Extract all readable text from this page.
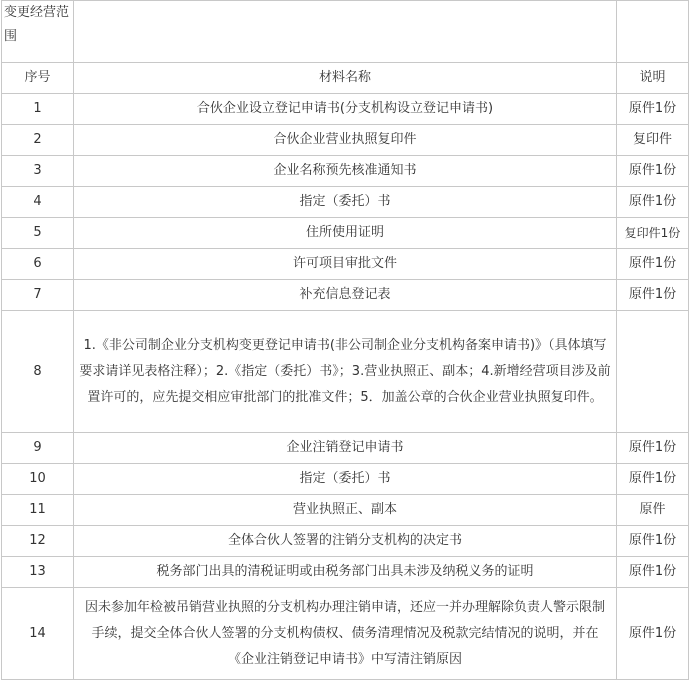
变更经营范围		
序号	材料名称	说明
1	合伙企业设立登记申请书(分支机构设立登记申请书)	原件1份
2	合伙企业营业执照复印件	复印件
3	企业名称预先核准通知书	原件1份
4	指定（委托）书	原件1份
5	住所使用证明	复印件1份
6	许可项目审批文件	原件1份
7	补充信息登记表	原件1份
8	1.《非公司制企业分支机构变更登记申请书(非公司制企业分支机构备案申请书)》（具体填写要求请详见表格注释）；2.《指定（委托）书》；3.营业执照正、副本；4.新增经营项目涉及前置许可的，应先提交相应审批部门的批准文件；5．加盖公章的合伙企业营业执照复印件。	
9	企业注销登记申请书	原件1份
10	指定（委托）书	原件1份
11	营业执照正、副本	原件
12	全体合伙人签署的注销分支机构的决定书	原件1份
13	税务部门出具的清税证明或由税务部门出具未涉及纳税义务的证明	原件1份
14	因未参加年检被吊销营业执照的分支机构办理注销申请，还应一并办理解除负责人警示限制手续，提交全体合伙人签署的分支机构债权、债务清理情况及税款完结情况的说明，并在《企业注销登记申请书》中写清注销原因	原件1份
